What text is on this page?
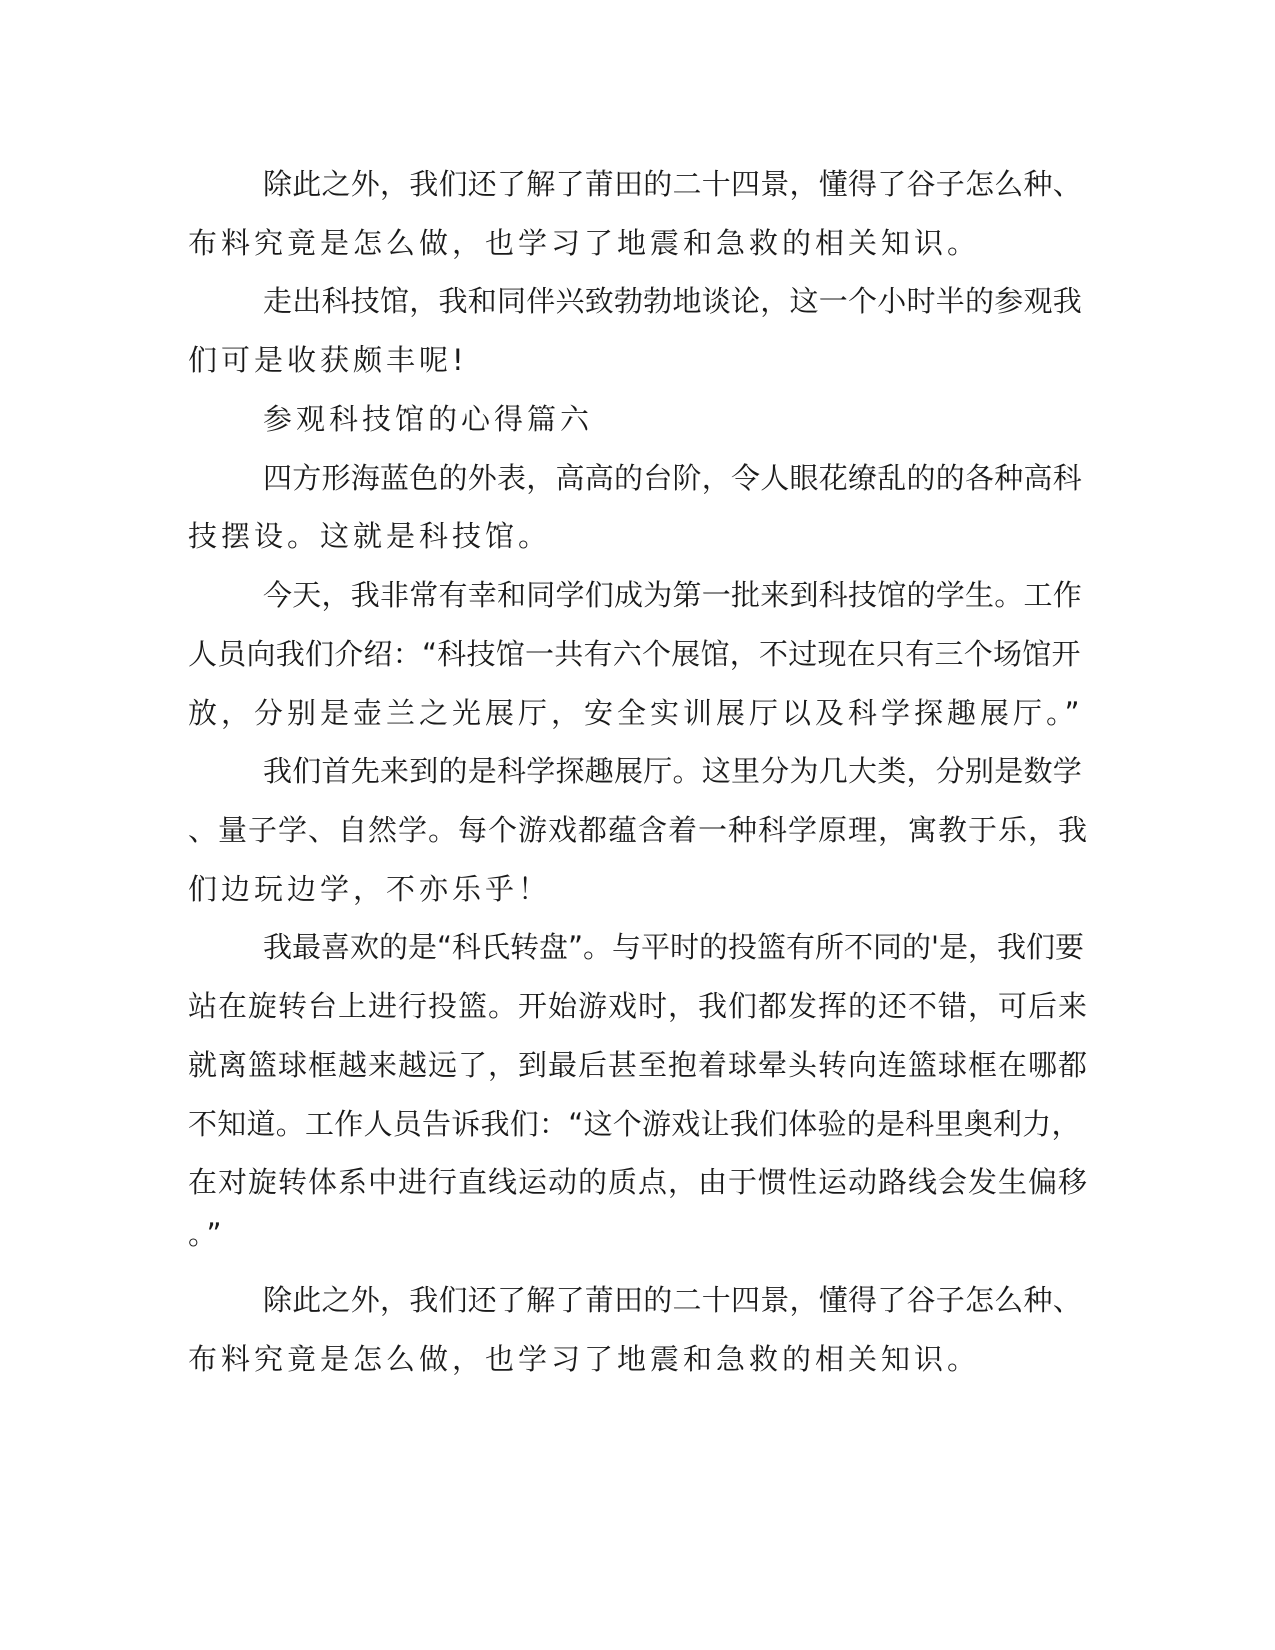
除此之外，我们还了解了莆田的二十四景，懂得了谷子怎么种、
布料究竟是怎么做，也学习了地震和急救的相关知识。
走出科技馆，我和同伴兴致勃勃地谈论，这一个小时半的参观我
们可是收获颇丰呢!
参观科技馆的心得篇六
四方形海蓝色的外表，高高的台阶，令人眼花缭乱的的各种高科
技摆设。这就是科技馆。
今天，我非常有幸和同学们成为第一批来到科技馆的学生。工作
人员向我们介绍：“科技馆一共有六个展馆，不过现在只有三个场馆开
放，分别是壶兰之光展厅，安全实训展厅以及科学探趣展厅。”
我们首先来到的是科学探趣展厅。这里分为几大类，分别是数学
、量子学、自然学。每个游戏都蕴含着一种科学原理，寓教于乐，我
们边玩边学，不亦乐乎！
我最喜欢的是“科氏转盘”。与平时的投篮有所不同的'是，我们要
站在旋转台上进行投篮。开始游戏时，我们都发挥的还不错，可后来
就离篮球框越来越远了，到最后甚至抱着球晕头转向连篮球框在哪都
不知道。工作人员告诉我们：“这个游戏让我们体验的是科里奥利力，
在对旋转体系中进行直线运动的质点，由于惯性运动路线会发生偏移
。”
除此之外，我们还了解了莆田的二十四景，懂得了谷子怎么种、
布料究竟是怎么做，也学习了地震和急救的相关知识。
